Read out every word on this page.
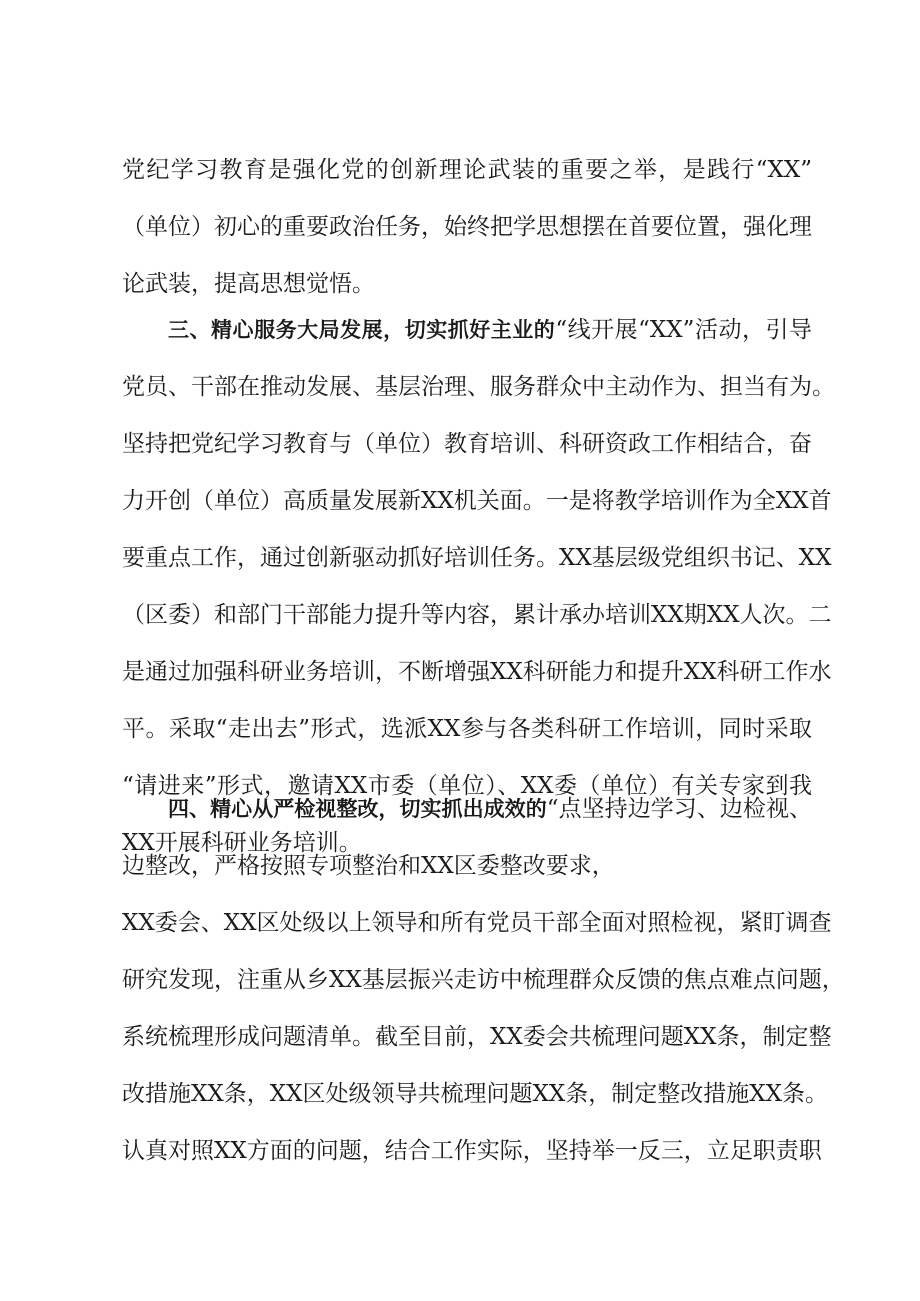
党纪学习教育是强化党的创新理论武装的重要之举，是践行“XX”
（单位）初心的重要政治任务，始终把学思想摆在首要位置，强化理
论武装，提高思想觉悟。
三、精心服务大局发展，切实抓好主业的“线开展“XX”活动，引导
党员、干部在推动发展、基层治理、服务群众中主动作为、担当有为。
坚持把党纪学习教育与（单位）教育培训、科研资政工作相结合，奋
力开创（单位）高质量发展新XX机关面。一是将教学培训作为全XX首
要重点工作，通过创新驱动抓好培训任务。XX基层级党组织书记、XX
（区委）和部门干部能力提升等内容，累计承办培训XX期XX人次。二
是通过加强科研业务培训，不断增强XX科研能力和提升XX科研工作水
平。采取“走出去”形式，选派XX参与各类科研工作培训，同时采取
“请进来”形式，邀请XX市委（单位）、XX委（单位）有关专家到我
XX开展科研业务培训。
四、精心从严检视整改，切实抓出成效的“点坚持边学习、边检视、
边整改，严格按照专项整治和XX区委整改要求，
XX委会、XX区处级以上领导和所有党员干部全面对照检视，紧盯调查
研究发现，注重从乡XX基层振兴走访中梳理群众反馈的焦点难点问题，
系统梳理形成问题清单。截至目前，XX委会共梳理问题XX条，制定整
改措施XX条，XX区处级领导共梳理问题XX条，制定整改措施XX条。
认真对照XX方面的问题，结合工作实际，坚持举一反三，立足职责职
